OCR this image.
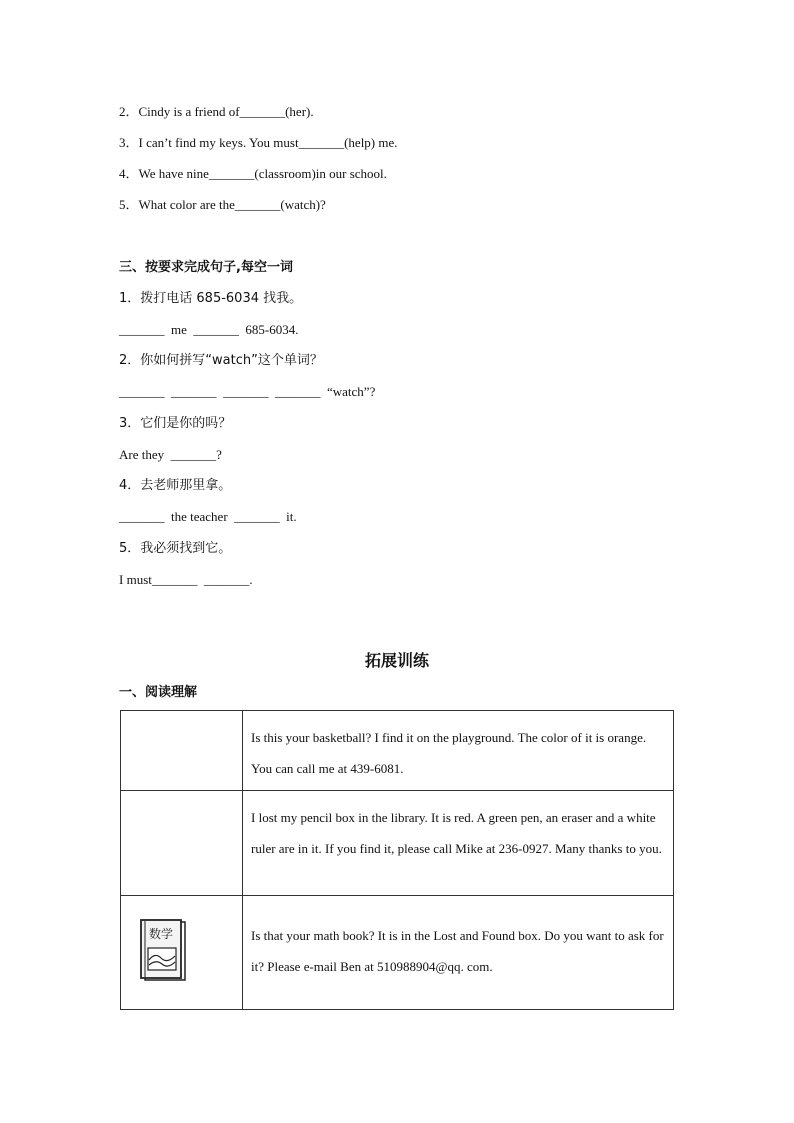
2．Cindy is a friend of_______(her).
3．I can’t find my keys. You must_______(help) me.
4．We have nine_______(classroom)in our school.
5．What color are the_______(watch)?
三、按要求完成句子,每空一词
1．拨打电话 685-6034 找我。
_______  me  _______  685-6034.
2．你如何拼写“watch”这个单词？
_______  _______  _______  _______  “watch”?
3．它们是你的吗？
Are they  _______?
4．去老师那里拿。
_______  the teacher  _______  it.
5．我必须找到它。
I must_______  _______.
拓展训练
一、阅读理解
	Is this your basketball? I find it on the playground. The color of it is orange. You can call me at 439-6081.
	I lost my pencil box in the library. It is red. A green pen, an eraser and a white ruler are in it. If you find it, please call Mike at 236-0927. Many thanks to you.

数学	Is that your math book? It is in the Lost and Found box. Do you want to ask for it? Please e-mail Ben at 510988904@qq. com.
